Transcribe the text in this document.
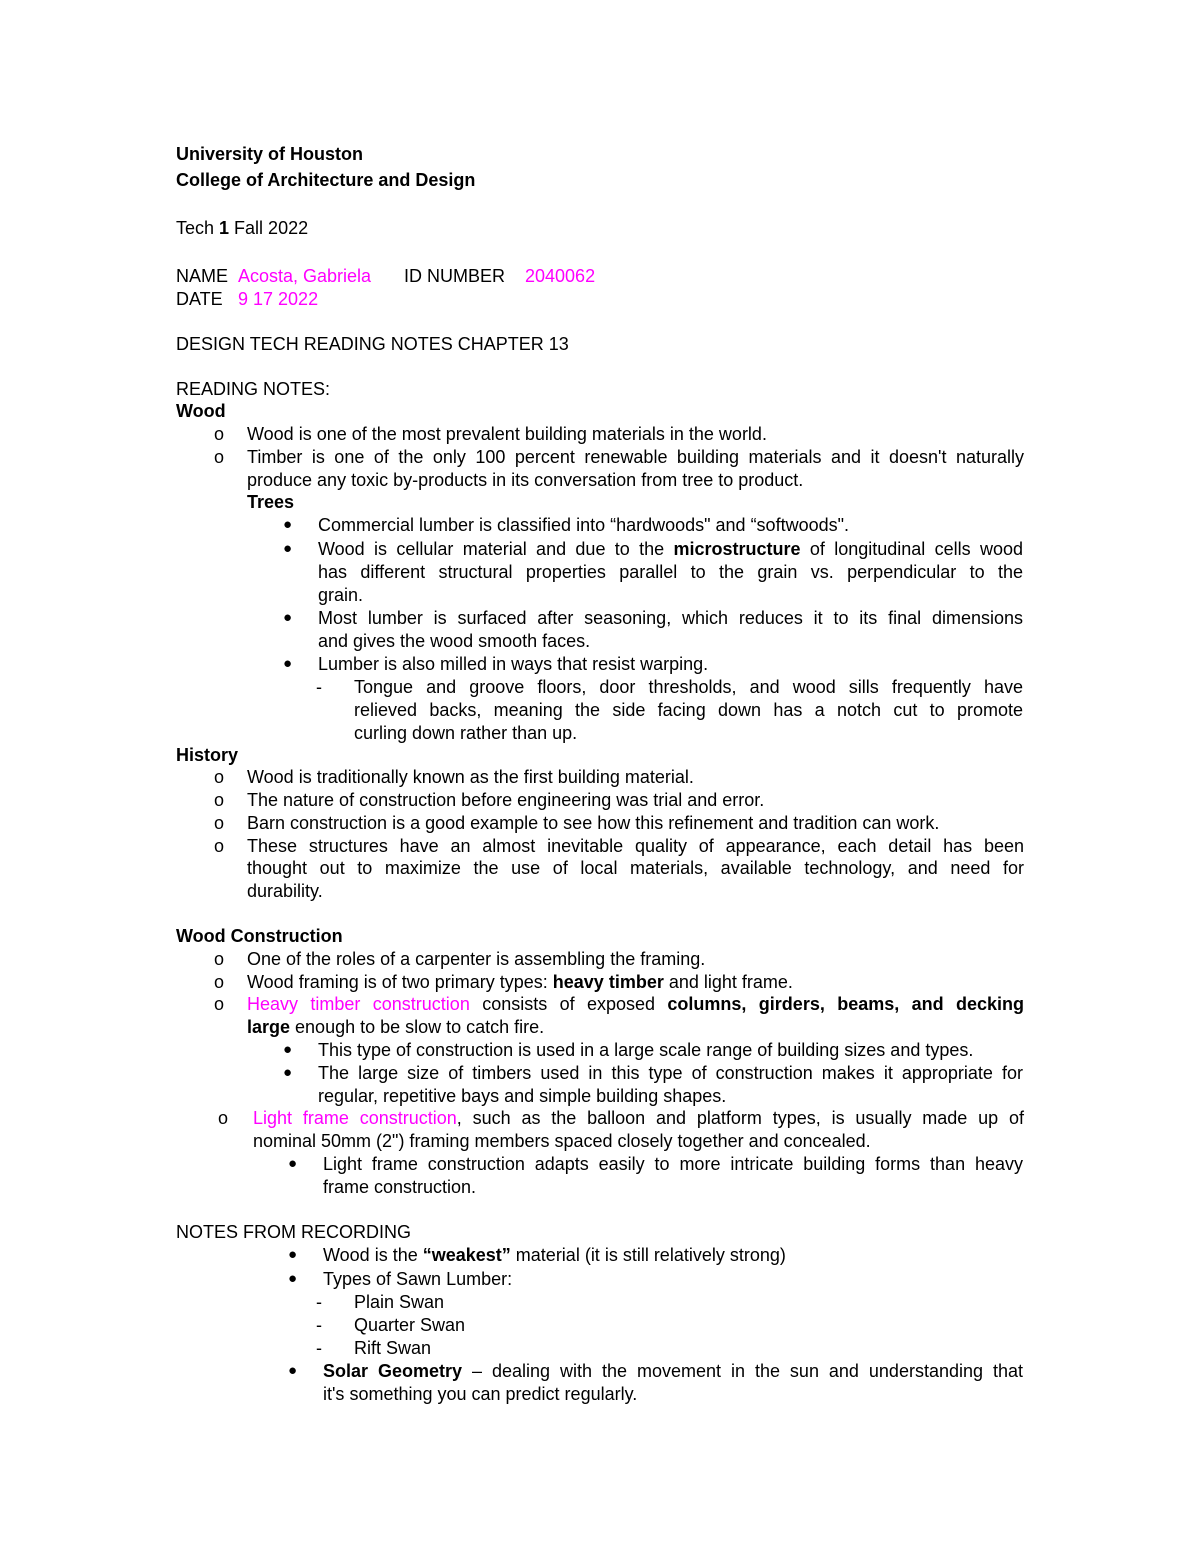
University of Houston
College of Architecture and Design
Tech 1 Fall 2022
NAME Acosta, Gabriela ID NUMBER 2040062
DATE 9 17 2022
DESIGN TECH READING NOTES CHAPTER 13
READING NOTES:
Wood
o Wood is one of the most prevalent building materials in the world.
o Timber is one of the only 100 percent renewable building materials and it doesn't naturally
produce any toxic by-products in its conversation from tree to product.
Trees
● Commercial lumber is classified into “hardwoods" and “softwoods".
● Wood is cellular material and due to the microstructure of longitudinal cells wood
has different structural properties parallel to the grain vs. perpendicular to the
grain.
● Most lumber is surfaced after seasoning, which reduces it to its final dimensions
and gives the wood smooth faces.
● Lumber is also milled in ways that resist warping.
- Tongue and groove floors, door thresholds, and wood sills frequently have
relieved backs, meaning the side facing down has a notch cut to promote
curling down rather than up.
History
o Wood is traditionally known as the first building material.
o The nature of construction before engineering was trial and error.
o Barn construction is a good example to see how this refinement and tradition can work.
o These structures have an almost inevitable quality of appearance, each detail has been
thought out to maximize the use of local materials, available technology, and need for
durability.
Wood Construction
o One of the roles of a carpenter is assembling the framing.
o Wood framing is of two primary types: heavy timber and light frame.
o Heavy timber construction consists of exposed columns, girders, beams, and decking
large enough to be slow to catch fire.
● This type of construction is used in a large scale range of building sizes and types.
● The large size of timbers used in this type of construction makes it appropriate for
regular, repetitive bays and simple building shapes.
o Light frame construction, such as the balloon and platform types, is usually made up of
nominal 50mm (2") framing members spaced closely together and concealed.
● Light frame construction adapts easily to more intricate building forms than heavy
frame construction.
NOTES FROM RECORDING
● Wood is the “weakest” material (it is still relatively strong)
● Types of Sawn Lumber:
- Plain Swan
- Quarter Swan
- Rift Swan
● Solar Geometry – dealing with the movement in the sun and understanding that
it's something you can predict regularly.
